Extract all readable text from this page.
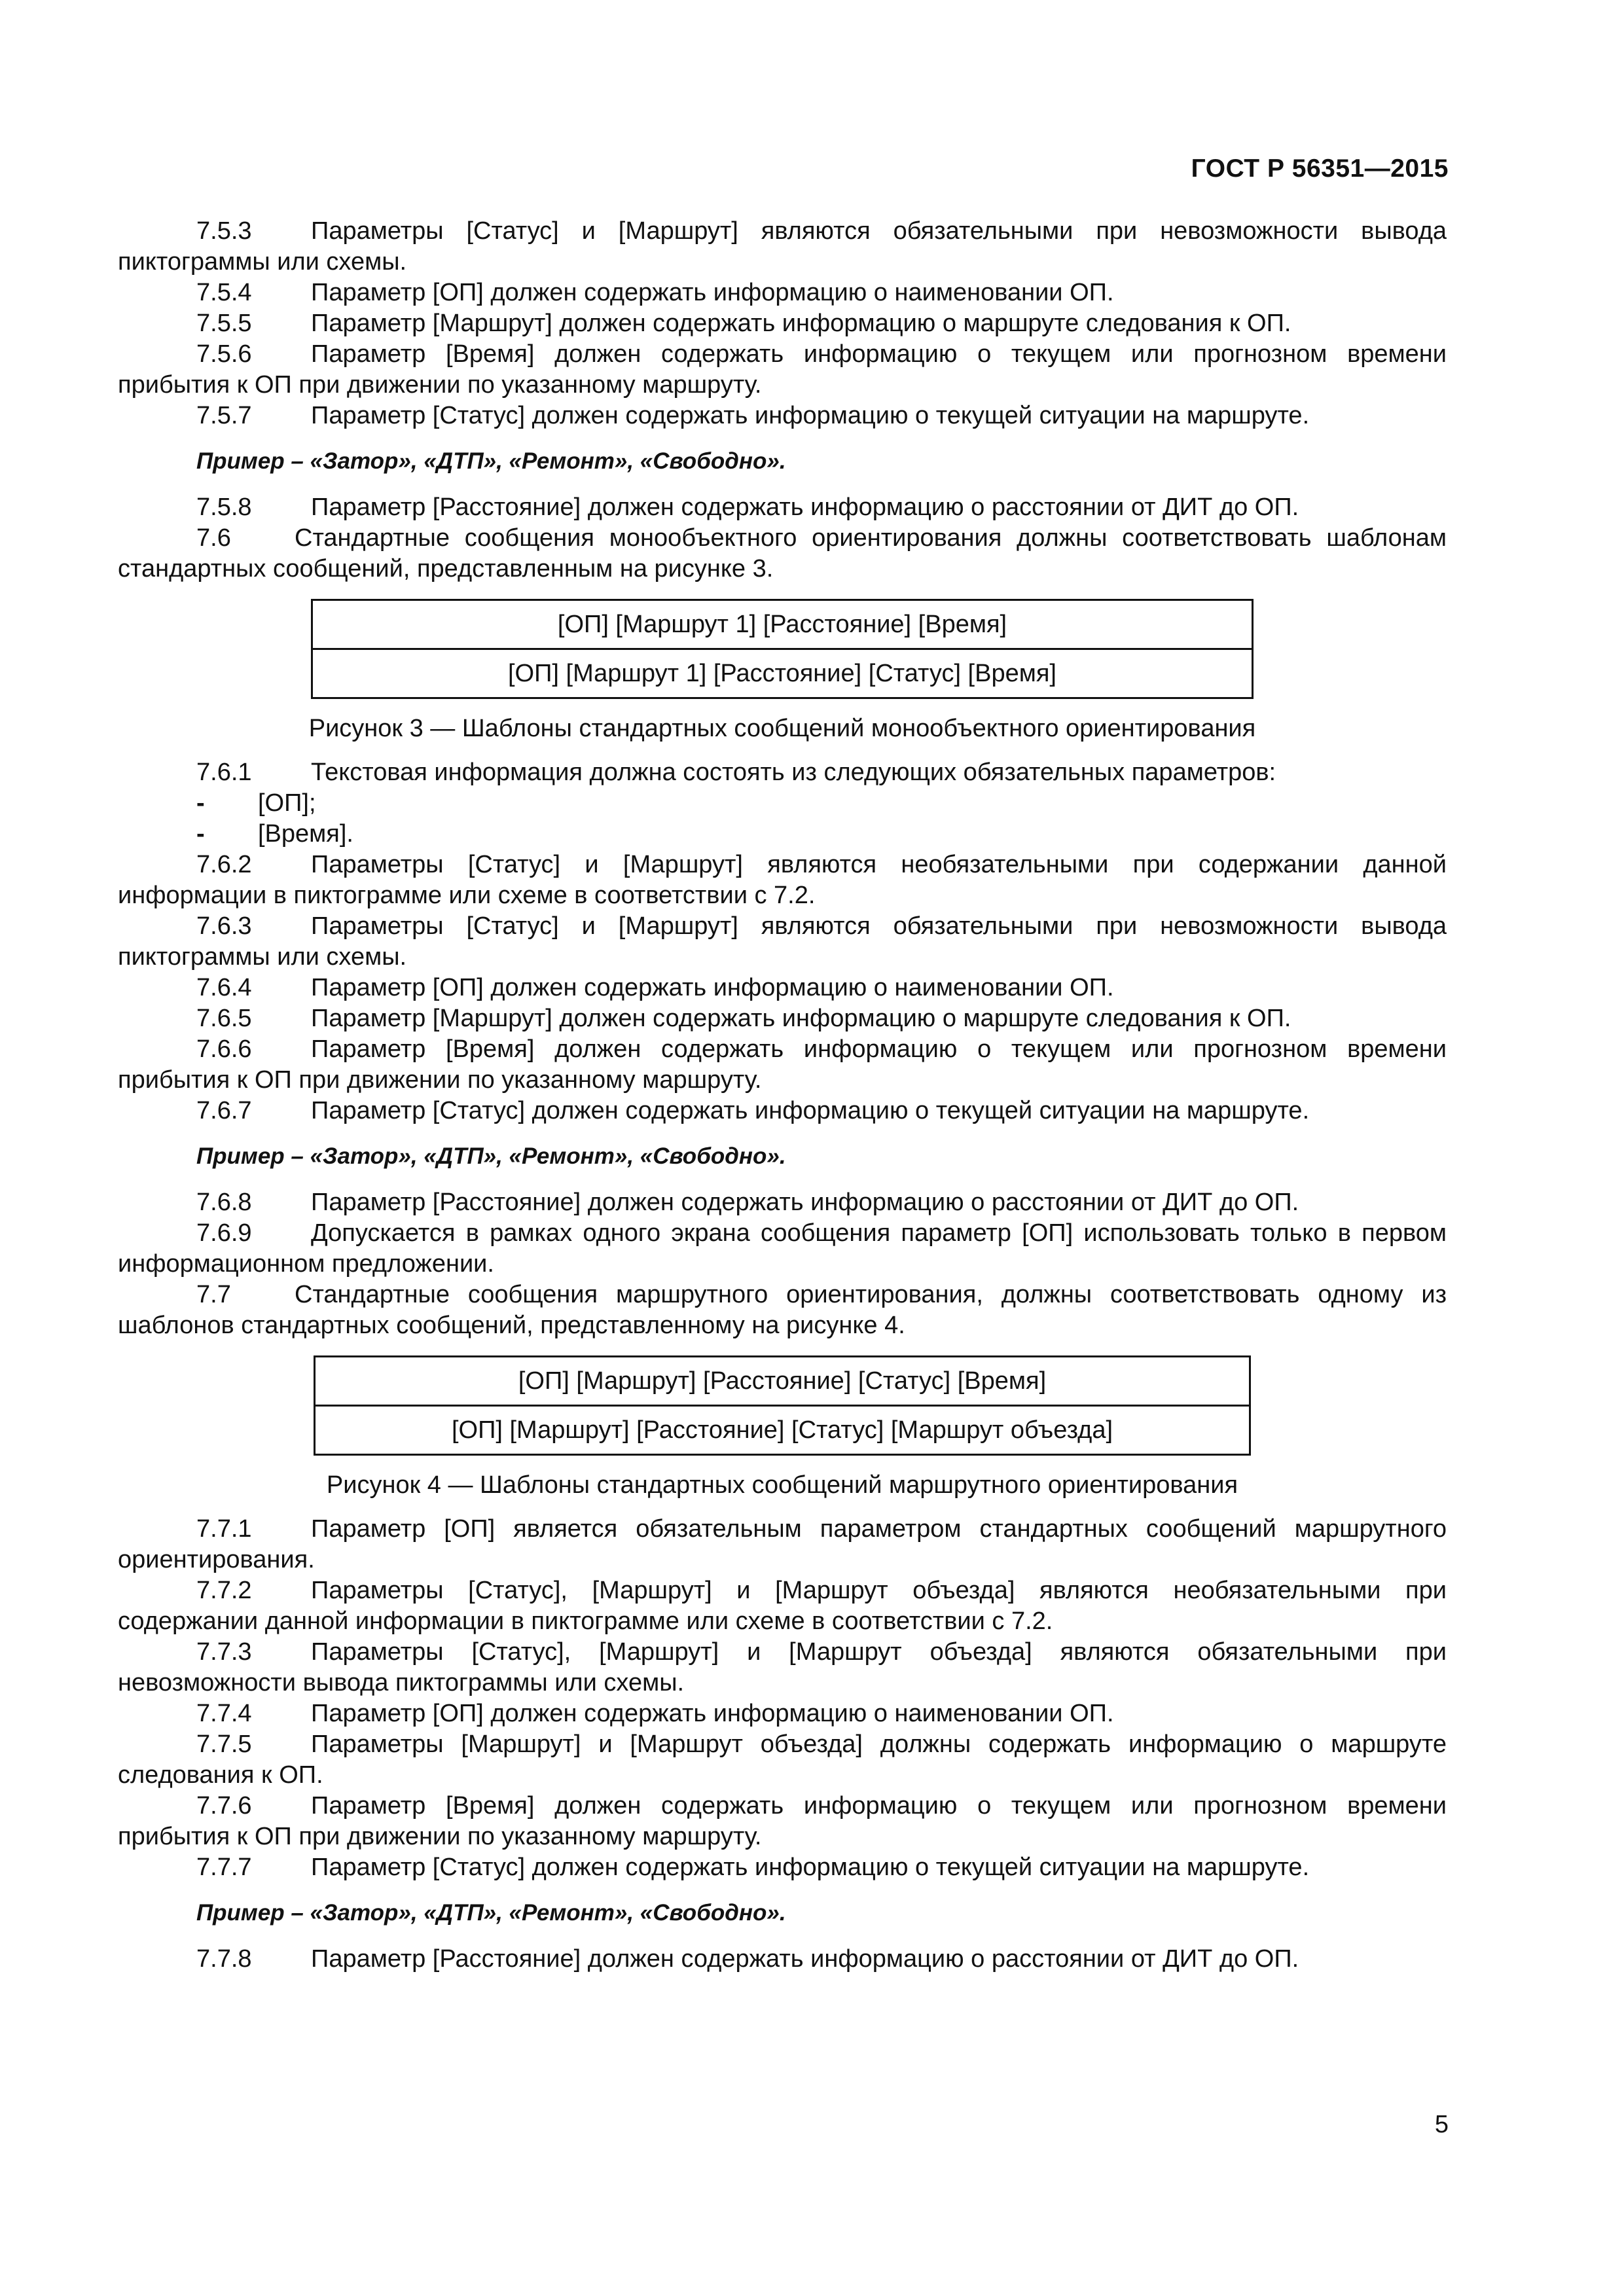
ГОСТ Р 56351—2015
7.5.3 Параметры [Статус] и [Маршрут] являются обязательными при невозможности вывода пиктограммы или схемы.
7.5.4 Параметр [ОП] должен содержать информацию о наименовании ОП.
7.5.5 Параметр [Маршрут] должен содержать информацию о маршруте следования к ОП.
7.5.6 Параметр [Время] должен содержать информацию о текущем или прогнозном времени прибытия к ОП при движении по указанному маршруту.
7.5.7 Параметр [Статус] должен содержать информацию о текущей ситуации на маршруте.
Пример – «Затор», «ДТП», «Ремонт», «Свободно».
7.5.8 Параметр [Расстояние] должен содержать информацию о расстоянии от ДИТ до ОП.
7.6	Стандартные сообщения монообъектного ориентирования должны соответствовать шаблонам стандартных сообщений, представленным на рисунке 3.
[ОП] [Маршрут 1] [Расстояние] [Время]
[ОП] [Маршрут 1] [Расстояние] [Статус] [Время]
Рисунок 3 — Шаблоны стандартных сообщений монообъектного ориентирования
7.6.1 Текстовая информация должна состоять из следующих обязательных параметров:
- [ОП];
- [Время].
7.6.2 Параметры [Статус] и [Маршрут] являются необязательными при содержании данной информации в пиктограмме или схеме в соответствии с 7.2.
7.6.3 Параметры [Статус] и [Маршрут] являются обязательными при невозможности вывода пиктограммы или схемы.
7.6.4 Параметр [ОП] должен содержать информацию о наименовании ОП.
7.6.5 Параметр [Маршрут] должен содержать информацию о маршруте следования к ОП.
7.6.6 Параметр [Время] должен содержать информацию о текущем или прогнозном времени прибытия к ОП при движении по указанному маршруту.
7.6.7 Параметр [Статус] должен содержать информацию о текущей ситуации на маршруте.
Пример – «Затор», «ДТП», «Ремонт», «Свободно».
7.6.8 Параметр [Расстояние] должен содержать информацию о расстоянии от ДИТ до ОП.
7.6.9 Допускается в рамках одного экрана сообщения параметр [ОП] использовать только в первом информационном предложении.
7.7	Стандартные сообщения маршрутного ориентирования, должны соответствовать одному из шаблонов стандартных сообщений, представленному на рисунке 4.
[ОП] [Маршрут] [Расстояние] [Статус] [Время]
[ОП] [Маршрут] [Расстояние] [Статус] [Маршрут объезда]
Рисунок 4 — Шаблоны стандартных сообщений маршрутного ориентирования
7.7.1 Параметр [ОП] является обязательным параметром стандартных сообщений маршрутного ориентирования.
7.7.2 Параметры [Статус], [Маршрут] и [Маршрут объезда] являются необязательными при содержании данной информации в пиктограмме или схеме в соответствии с 7.2.
7.7.3 Параметры [Статус], [Маршрут] и [Маршрут объезда] являются обязательными при невозможности вывода пиктограммы или схемы.
7.7.4 Параметр [ОП] должен содержать информацию о наименовании ОП.
7.7.5 Параметры [Маршрут] и [Маршрут объезда] должны содержать информацию о маршруте следования к ОП.
7.7.6 Параметр [Время] должен содержать информацию о текущем или прогнозном времени прибытия к ОП при движении по указанному маршруту.
7.7.7 Параметр [Статус] должен содержать информацию о текущей ситуации на маршруте.
Пример – «Затор», «ДТП», «Ремонт», «Свободно».
7.7.8 Параметр [Расстояние] должен содержать информацию о расстоянии от ДИТ до ОП.
5
